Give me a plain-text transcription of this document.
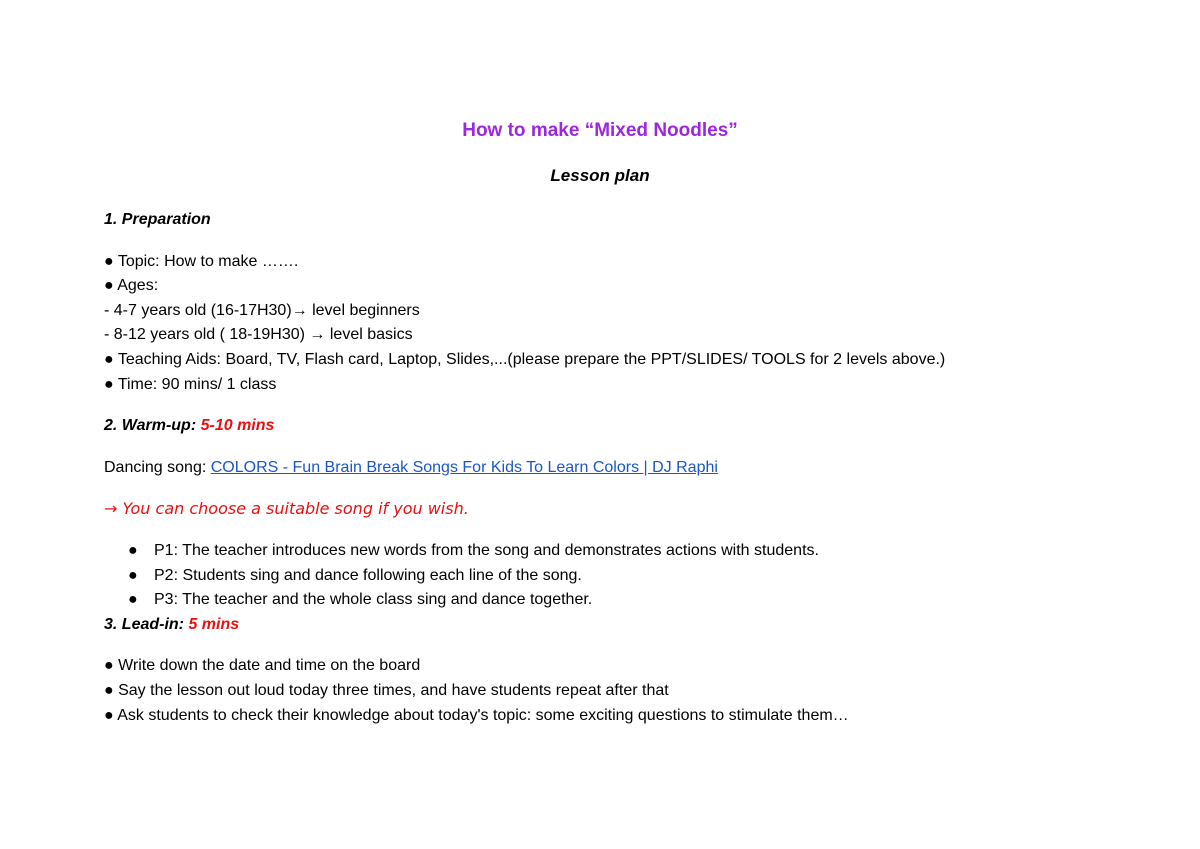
How to make “Mixed Noodles”
Lesson plan
1. Preparation
● Topic: How to make …….
● Ages:
- 4-7 years old (16-17H30)→ level beginners
- 8-12 years old ( 18-19H30) → level basics
● Teaching Aids: Board, TV, Flash card, Laptop, Slides,...(please prepare the PPT/SLIDES/ TOOLS for 2 levels above.)
● Time: 90 mins/ 1 class
2. Warm-up: 5-10 mins
Dancing song: COLORS - Fun Brain Break Songs For Kids To Learn Colors | DJ Raphi
→ You can choose a suitable song if you wish.
● P1: The teacher introduces new words from the song and demonstrates actions with students.
● P2: Students sing and dance following each line of the song.
● P3: The teacher and the whole class sing and dance together.
3. Lead-in: 5 mins
● Write down the date and time on the board
● Say the lesson out loud today three times, and have students repeat after that
● Ask students to check their knowledge about today's topic: some exciting questions to stimulate them…
